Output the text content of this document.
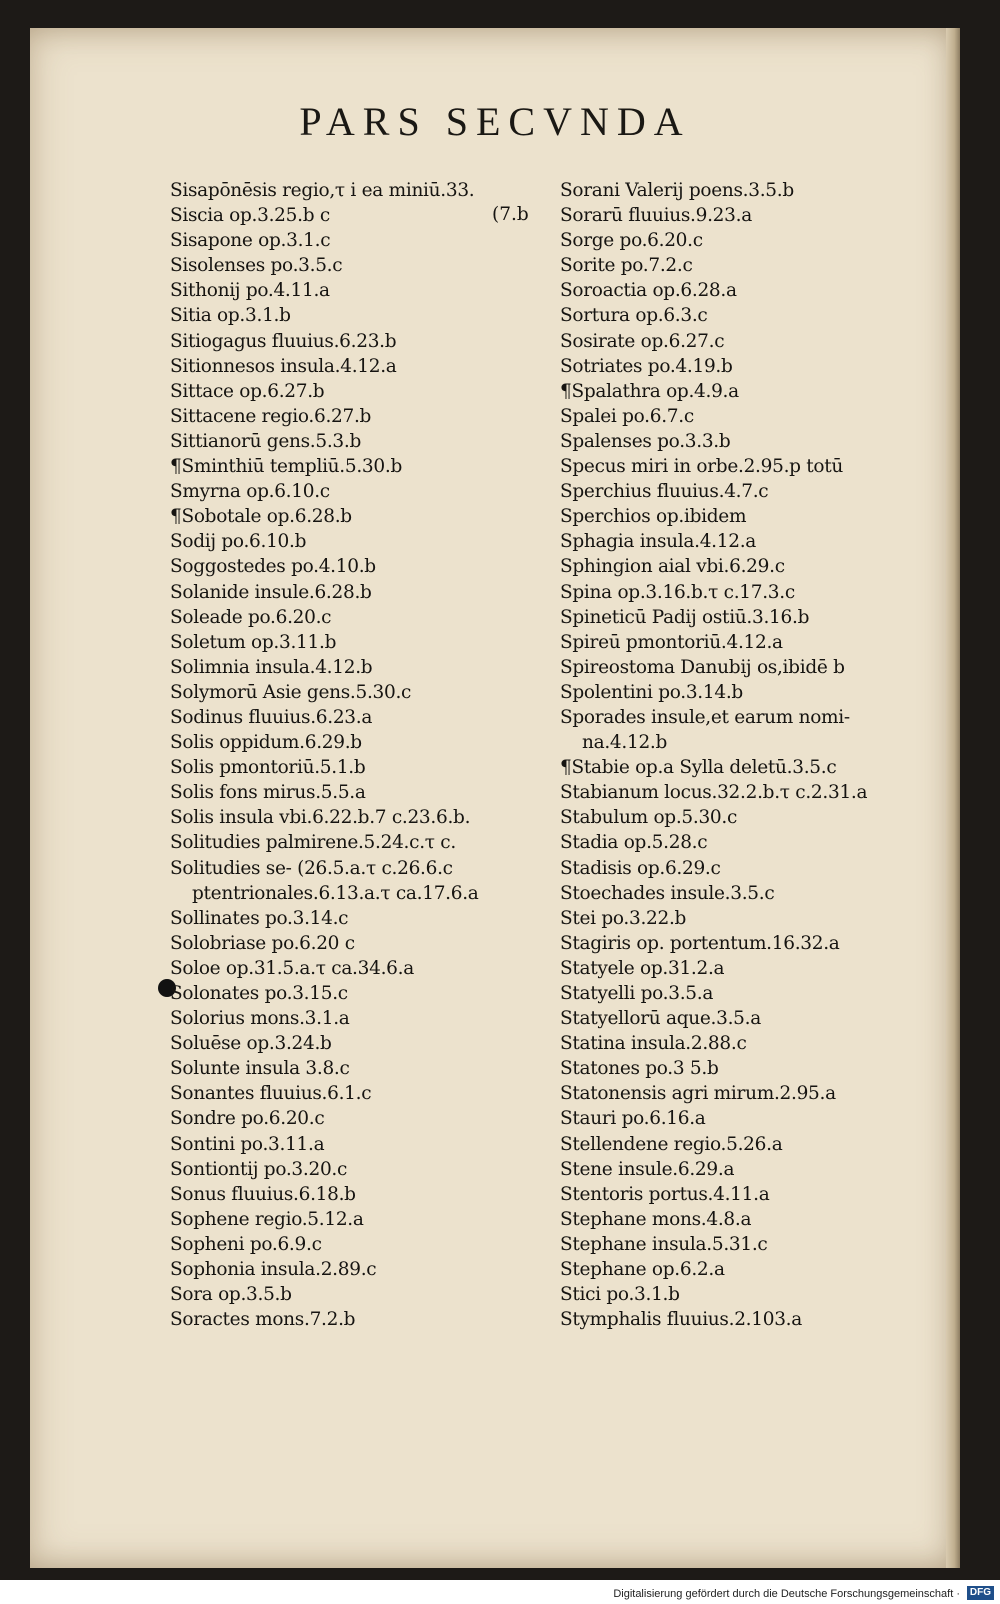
PARS SECVNDA
(7.b
Sisapōnēsis regio,τ i ea miniū.33.
Siscia op.3.25.b c
Sisapone op.3.1.c
Sisolenses po.3.5.c
Sithonij po.4.11.a
Sitia op.3.1.b
Sitiogagus fluuius.6.23.b
Sitionnesos insula.4.12.a
Sittace op.6.27.b
Sittacene regio.6.27.b
Sittianorū gens.5.3.b
¶Sminthiū templiū.5.30.b
Smyrna op.6.10.c
¶Sobotale op.6.28.b
Sodij po.6.10.b
Soggostedes po.4.10.b
Solanide insule.6.28.b
Soleade po.6.20.c
Soletum op.3.11.b
Solimnia insula.4.12.b
Solymorū Asie gens.5.30.c
Sodinus fluuius.6.23.a
Solis oppidum.6.29.b
Solis pmontoriū.5.1.b
Solis fons mirus.5.5.a
Solis insula vbi.6.22.b.7 c.23.6.b.
Solitudies palmirene.5.24.c.τ c.
Solitudies se- (26.5.a.τ c.26.6.c
ptentrionales.6.13.a.τ ca.17.6.a
Sollinates po.3.14.c
Solobriase po.6.20 c
Soloe op.31.5.a.τ ca.34.6.a
Solonates po.3.15.c
Solorius mons.3.1.a
Soluēse op.3.24.b
Solunte insula 3.8.c
Sonantes fluuius.6.1.c
Sondre po.6.20.c
Sontini po.3.11.a
Sontiontij po.3.20.c
Sonus fluuius.6.18.b
Sophene regio.5.12.a
Sopheni po.6.9.c
Sophonia insula.2.89.c
Sora op.3.5.b
Soractes mons.7.2.b
Sorani Valerij poens.3.5.b
Sorarū fluuius.9.23.a
Sorge po.6.20.c
Sorite po.7.2.c
Soroactia op.6.28.a
Sortura op.6.3.c
Sosirate op.6.27.c
Sotriates po.4.19.b
¶Spalathra op.4.9.a
Spalei po.6.7.c
Spalenses po.3.3.b
Specus miri in orbe.2.95.p totū
Sperchius fluuius.4.7.c
Sperchios op.ibidem
Sphagia insula.4.12.a
Sphingion aial vbi.6.29.c
Spina op.3.16.b.τ c.17.3.c
Spineticū Padij ostiū.3.16.b
Spireū pmontoriū.4.12.a
Spireostoma Danubij os,ibidē b
Spolentini po.3.14.b
Sporades insule,et earum nomi-
na.4.12.b
¶Stabie op.a Sylla deletū.3.5.c
Stabianum locus.32.2.b.τ c.2.31.a
Stabulum op.5.30.c
Stadia op.5.28.c
Stadisis op.6.29.c
Stoechades insule.3.5.c
Stei po.3.22.b
Stagiris op. portentum.16.32.a
Statyele op.31.2.a
Statyelli po.3.5.a
Statyellorū aque.3.5.a
Statina insula.2.88.c
Statones po.3 5.b
Statonensis agri mirum.2.95.a
Stauri po.6.16.a
Stellendene regio.5.26.a
Stene insule.6.29.a
Stentoris portus.4.11.a
Stephane mons.4.8.a
Stephane insula.5.31.c
Stephane op.6.2.a
Stici po.3.1.b
Stymphalis fluuius.2.103.a
Digitalisierung gefördert durch die Deutsche Forschungsgemeinschaft · DFG
